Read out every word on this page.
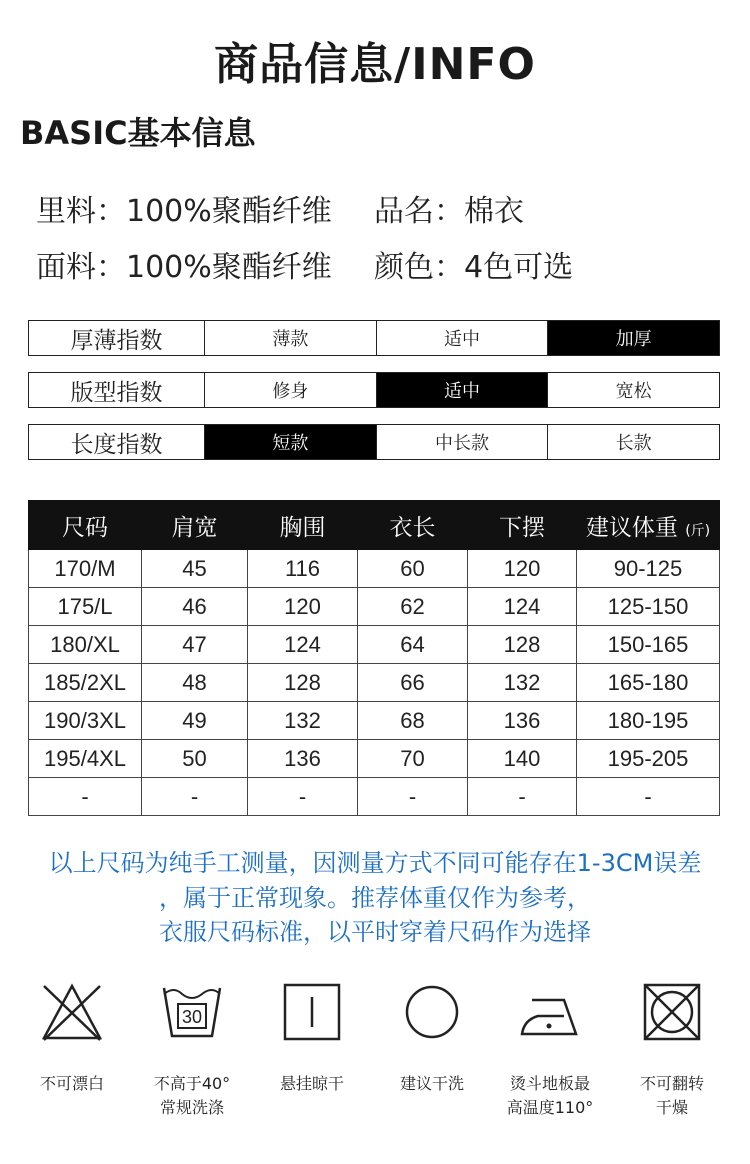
商品信息/INFO
BASIC基本信息
里料：100%聚酯纤维 品名：棉衣
面料：100%聚酯纤维 颜色：4色可选
厚薄指数	薄款	适中	加厚
版型指数	修身	适中	宽松
长度指数	短款	中长款	长款
尺码	肩宽	胸围	衣长	下摆	建议体重 (斤)
170/M	45	116	60	120	90-125
175/L	46	120	62	124	125-150
180/XL	47	124	64	128	150-165
185/2XL	48	128	66	132	165-180
190/3XL	49	132	68	136	180-195
195/4XL	50	136	70	140	195-205
-	-	-	-	-	-
以上尺码为纯手工测量，因测量方式不同可能存在1-3CM误差
，属于正常现象。推荐体重仅作为参考，
衣服尺码标准，以平时穿着尺码作为选择
不可漂白
30
不高于40°
常规洗涤
悬挂晾干	建议干洗	烫斗地板最
高温度110°
不可翻转
干燥
